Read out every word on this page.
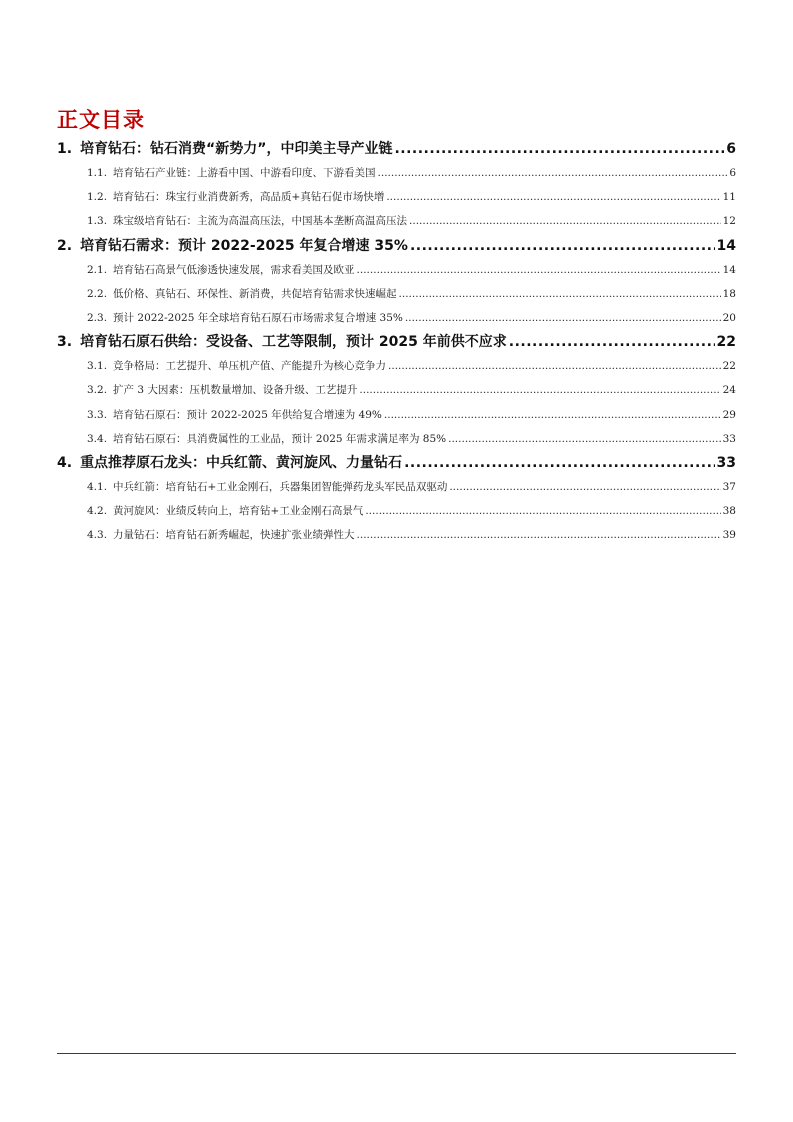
正文目录
1. 培育钻石：钻石消费“新势力”，中印美主导产业链 .....	6
1.1. 培育钻石产业链：上游看中国、中游看印度、下游看美国 .....	6
1.2. 培育钻石：珠宝行业消费新秀，高品质+真钻石促市场快增 .....	11
1.3. 珠宝级培育钻石：主流为高温高压法，中国基本垄断高温高压法 .....	12
2. 培育钻石需求：预计 2022-2025 年复合增速 35% .....	14
2.1. 培育钻石高景气低渗透快速发展，需求看美国及欧亚 .....	14
2.2. 低价格、真钻石、环保性、新消费，共促培育钻需求快速崛起 .....	18
2.3. 预计 2022-2025 年全球培育钻石原石市场需求复合增速 35% .....	20
3. 培育钻石原石供给：受设备、工艺等限制，预计 2025 年前供不应求 .....	22
3.1. 竞争格局：工艺提升、单压机产值、产能提升为核心竞争力 .....	22
3.2. 扩产 3 大因素：压机数量增加、设备升级、工艺提升 .....	24
3.3. 培育钻石原石：预计 2022-2025 年供给复合增速为 49% .....	29
3.4. 培育钻石原石：具消费属性的工业品，预计 2025 年需求满足率为 85% .....	33
4. 重点推荐原石龙头：中兵红箭、黄河旋风、力量钻石 .....	33
4.1. 中兵红箭：培育钻石+工业金刚石，兵器集团智能弹药龙头军民品双驱动 .....	37
4.2. 黄河旋风：业绩反转向上，培育钻+工业金刚石高景气 .....	38
4.3. 力量钻石：培育钻石新秀崛起，快速扩张业绩弹性大 .....	39
